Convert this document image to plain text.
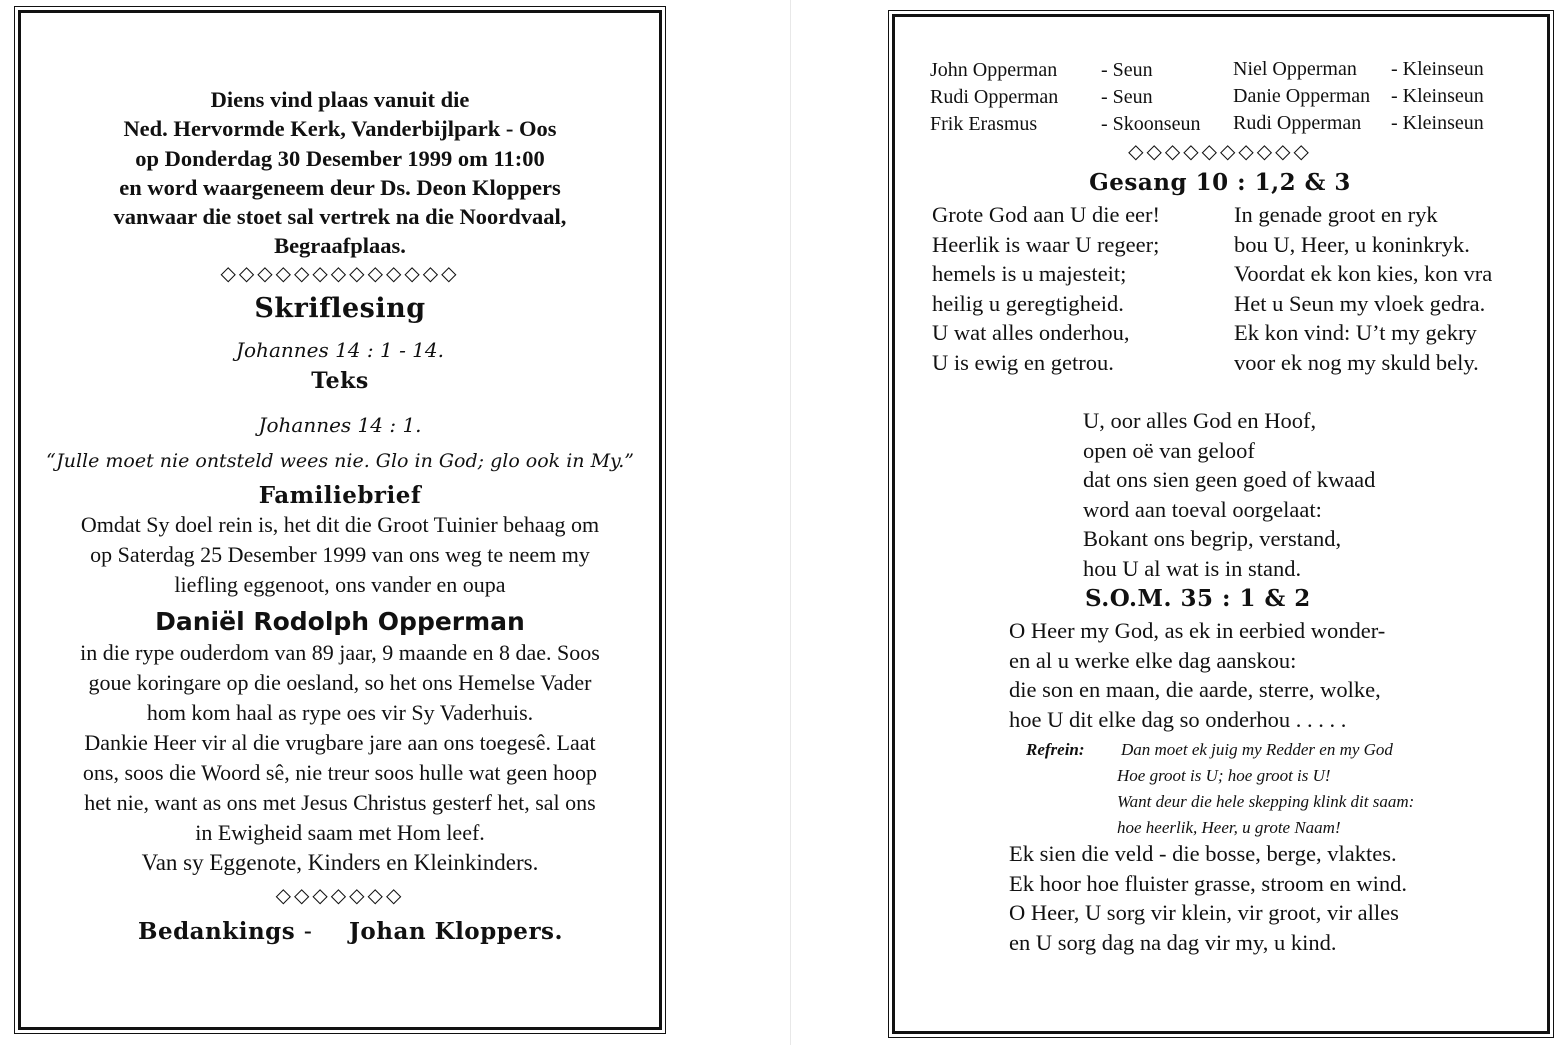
Diens vind plaas vanuit die
Ned. Hervormde Kerk, Vanderbijlpark - Oos
op Donderdag 30 Desember 1999 om 11:00
en word waargeneem deur Ds. Deon Kloppers
vanwaar die stoet sal vertrek na die Noordvaal,
Begraafplaas.
◇◇◇◇◇◇◇◇◇◇◇◇◇
Skriflesing
Johannes 14 : 1 - 14.
Teks
Johannes 14 : 1.
“Julle moet nie ontsteld wees nie. Glo in God; glo ook in My.”
Familiebrief
Omdat Sy doel rein is, het dit die Groot Tuinier behaag om
op Saterdag 25 Desember 1999 van ons weg te neem my
liefling eggenoot, ons vander en oupa
Daniël Rodolph Opperman
in die rype ouderdom van 89 jaar, 9 maande en 8 dae. Soos
goue koringare op die oesland, so het ons Hemelse Vader
hom kom haal as rype oes vir Sy Vaderhuis.
Dankie Heer vir al die vrugbare jare aan ons toegesê. Laat
ons, soos die Woord sê, nie treur soos hulle wat geen hoop
het nie, want as ons met Jesus Christus gesterf het, sal ons
in Ewigheid saam met Hom leef.
Van sy Eggenote, Kinders en Kleinkinders.
◇◇◇◇◇◇◇
Bedankings - Johan Kloppers.
John Opperman - Seun
Rudi Opperman - Seun
Frik Erasmus	- Skoonseun
Niel Opperman - Kleinseun
Danie Opperman - Kleinseun
Rudi Opperman - Kleinseun
◇◇◇◇◇◇◇◇◇◇
Gesang 10 : 1,2 & 3
Grote God aan U die eer!
Heerlik is waar U regeer;
hemels is u majesteit;
heilig u geregtigheid.
U wat alles onderhou,
U is ewig en getrou.
In genade groot en ryk
bou U, Heer, u koninkryk.
Voordat ek kon kies, kon vra
Het u Seun my vloek gedra.
Ek kon vind: U’t my gekry
voor ek nog my skuld bely.
U, oor alles God en Hoof,
open oë van geloof
dat ons sien geen goed of kwaad
word aan toeval oorgelaat:
Bokant ons begrip, verstand,
hou U al wat is in stand.
S.O.M. 35 : 1 & 2
O Heer my God, as ek in eerbied wonder-
en al u werke elke dag aanskou:
die son en maan, die aarde, sterre, wolke,
hoe U dit elke dag so onderhou . . . . .
Refrein: Dan moet ek juig my Redder en my God
Hoe groot is U; hoe groot is U!
Want deur die hele skepping klink dit saam:
hoe heerlik, Heer, u grote Naam!
Ek sien die veld - die bosse, berge, vlaktes.
Ek hoor hoe fluister grasse, stroom en wind.
O Heer, U sorg vir klein, vir groot, vir alles
en U sorg dag na dag vir my, u kind.
